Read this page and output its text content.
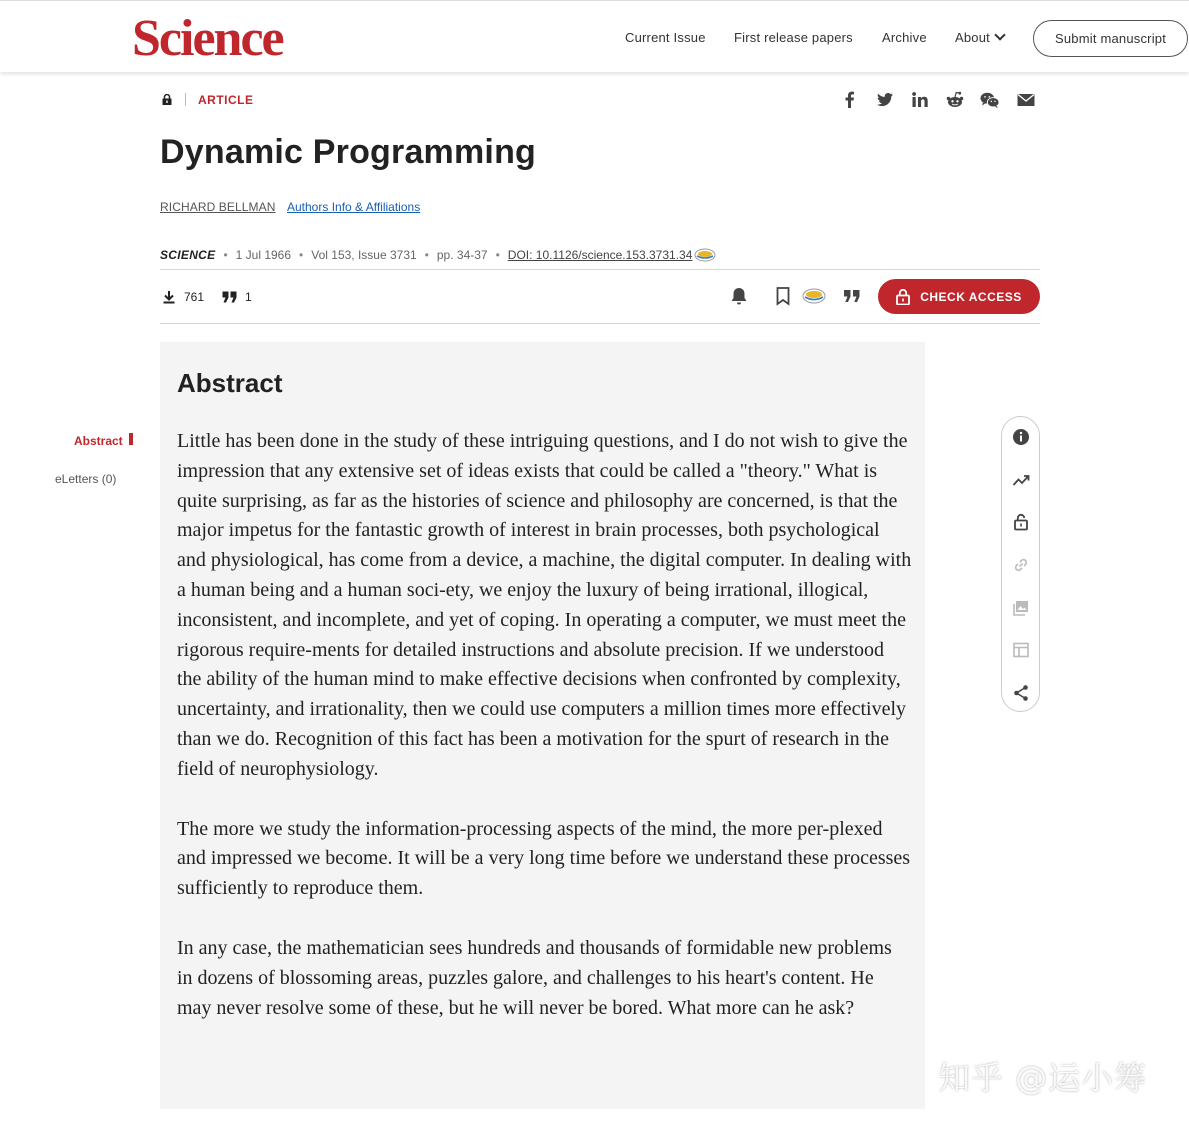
Science	Current Issue First release papers Archive About	Submit manuscript
ARTICLE
Dynamic Programming
RICHARD BELLMAN Authors Info & Affiliations
SCIENCE • 1 Jul 1966 • Vol 153, Issue 3731 • pp. 34-37 • DOI: 10.1126/science.153.3731.34
761	1	CHECK ACCESS
Abstract
eLetters (0)
Abstract

Little has been done in the study of these intriguing questions, and I do not wish to give the impression that any extensive set of ideas exists that could be called a "theory." What is quite surprising, as far as the histories of science and philosophy are concerned, is that the major impetus for the fantastic growth of interest in brain processes, both psychological and physiological, has come from a device, a machine, the digital computer. In dealing with a human being and a human soci-ety, we enjoy the luxury of being irrational, illogical, inconsistent, and incomplete, and yet of coping. In operating a computer, we must meet the rigorous require-ments for detailed instructions and absolute precision. If we understood the ability of the human mind to make effective decisions when confronted by complexity, uncertainty, and irrationality, then we could use computers a million times more effectively than we do. Recognition of this fact has been a motivation for the spurt of research in the field of neurophysiology.

The more we study the information-processing aspects of the mind, the more per-plexed and impressed we become. It will be a very long time before we understand these processes sufficiently to reproduce them.

In any case, the mathematician sees hundreds and thousands of formidable new problems in dozens of blossoming areas, puzzles galore, and challenges to his heart's content. He may never resolve some of these, but he will never be bored. What more can he ask?

知乎 @运小筹
